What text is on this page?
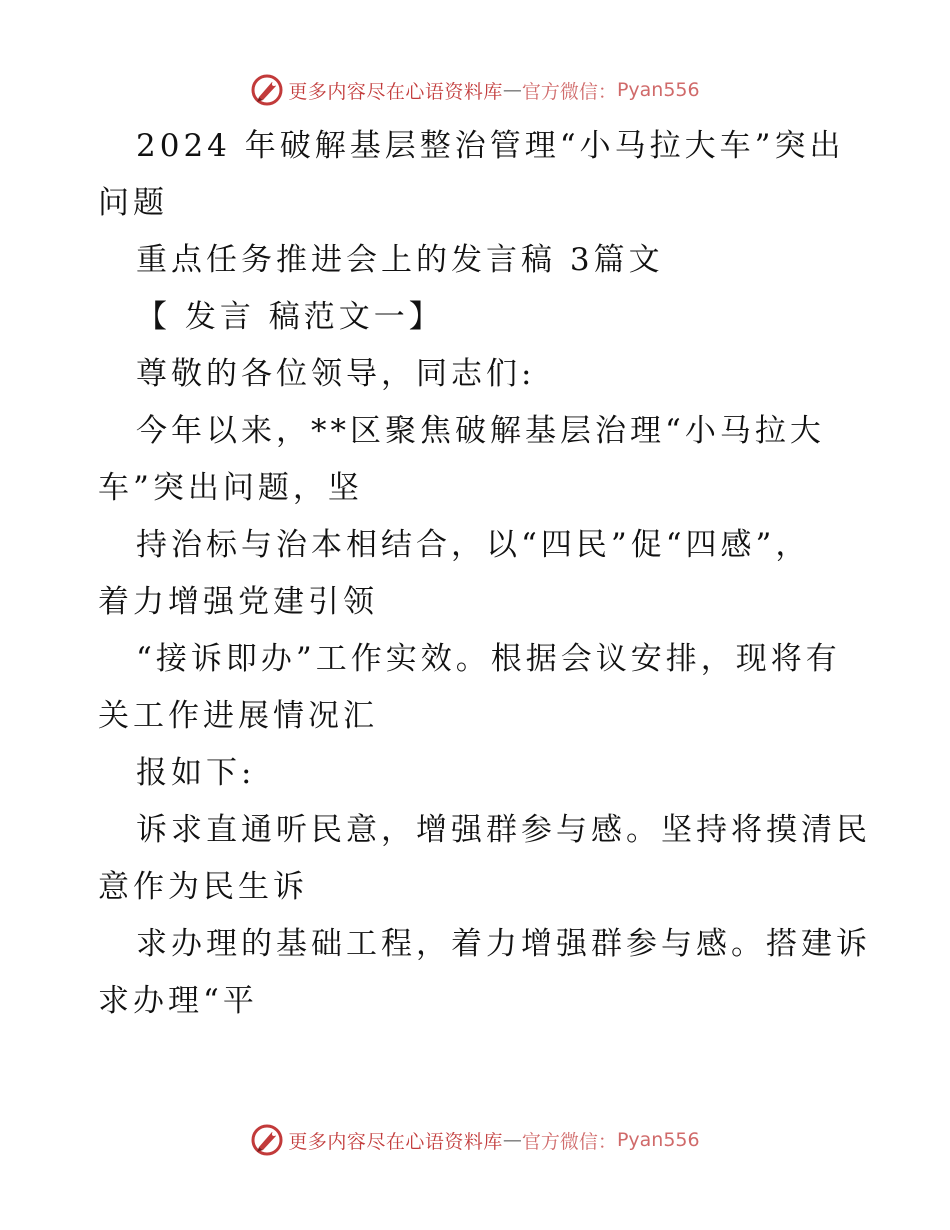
更多内容尽在心语资料库 — 官方微信： Pyan556
2024 年破解基层整治管理“小马拉大车”突出
问题
重点任务推进会上的发言稿 3篇文
【 发言 稿范文一】
尊敬的各位领导，同志们:
今年以来，**区聚焦破解基层治理“小马拉大
车”突出问题，坚
持治标与治本相结合，以“四民”促“四感”，
着力增强党建引领
“接诉即办”工作实效。根据会议安排，现将有
关工作进展情况汇
报如下:
诉求直通听民意，增强群参与感。坚持将摸清民
意作为民生诉
求办理的基础工程，着力增强群参与感。搭建诉
求办理“平
更多内容尽在心语资料库 — 官方微信： Pyan556
